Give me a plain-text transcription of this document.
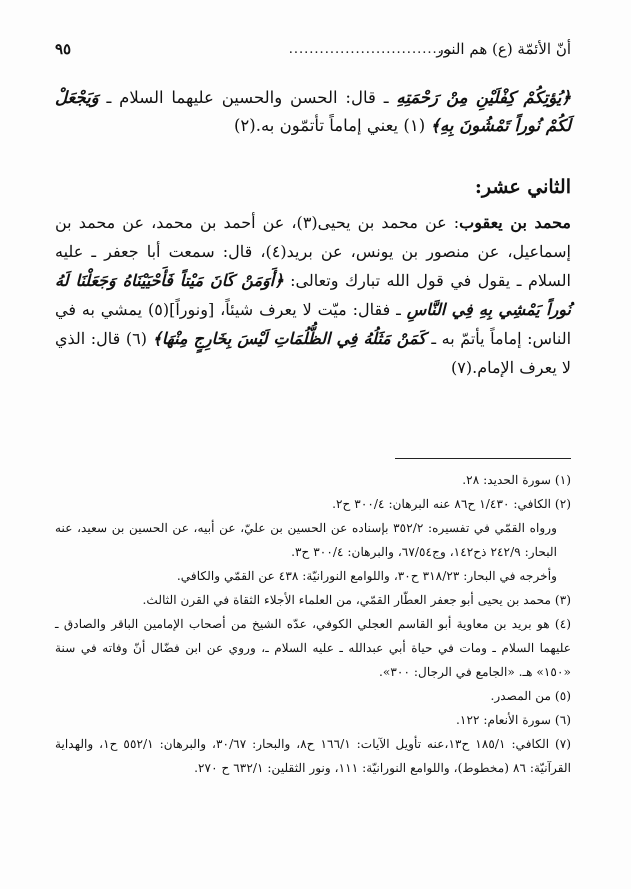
أنّ الأئمّة (ع) هم النور
................................
٩٥
﴿يُؤتِكُمْ كِفْلَيْنِ مِنْ رَحْمَتِهِ ـ قال: الحسن والحسين عليهما السلام ـ وَيَجْعَلْ لَكُمْ نُوراً تَمْشُونَ بِهِ﴾ (١) يعني إماماً تأتمّون به.(٢)
الثاني عشر:
محمد بن يعقوب: عن محمد بن يحيى(٣)، عن أحمد بن محمد، عن محمد بن إسماعيل، عن منصور بن يونس، عن بريد(٤)، قال: سمعت أبا جعفر ـ عليه السلام ـ يقول في قول الله تبارك وتعالى: ﴿أَوَمَنْ كَانَ مَيْتاً فَأَحْيَيْنَاهُ وَجَعَلْنَا لَهُ نُوراً يَمْشِي بِهِ فِي النَّاسِ ـ فقال: ميّت لا يعرف شيئاً، [ونوراً](٥) يمشي به في الناس: إماماً يأتمّ به ـ كَمَنْ مَثَلُهُ فِي الظُّلُمَاتِ لَيْسَ بِخَارِجٍ مِنْهَا﴾ (٦) قال: الذي لا يعرف الإمام.(٧)

(١) سورة الحديد: ٢٨.

(٢) الكافي: ١/٤٣٠ ح٨٦ عنه البرهان: ٣٠٠/٤ ح٢.

ورواه القمّي في تفسيره: ٣٥٢/٢ بإسناده عن الحسين بن عليّ، عن أبيه، عن الحسين بن سعيد، عنه البحار: ٢٤٢/٩ ذح١٤٢، وج٦٧/٥٤، والبرهان: ٣٠٠/٤ ح٣.

وأخرجه في البحار: ٣١٨/٢٣ ح٣٠، واللوامع النورانيّة: ٤٣٨ عن القمّي والكافي.

(٣) محمد بن يحيى أبو جعفر العطّار القمّي، من العلماء الأجلاء الثقاة في القرن الثالث.

(٤) هو بريد بن معاوية أبو القاسم العجلي الكوفي، عدّه الشيخ من أصحاب الإمامين الباقر والصادق ـ عليهما السلام ـ ومات في حياة أبي عبدالله ـ عليه السلام ـ، وروي عن ابن فضّال أنّ وفاته في سنة «١٥٠» هـ. «الجامع في الرجال: ٣٠٠».

(٥) من المصدر.

(٦) سورة الأنعام: ١٢٢.

(٧) الكافي: ١٨٥/١ ح١٣،عنه تأويل الآيات: ١٦٦/١ ح٨، والبحار: ٣٠/٦٧، والبرهان: ٥٥٢/١ ح١، والهداية القرآنيّة: ٨٦ (مخطوط)، واللوامع النورانيّة: ١١١، ونور الثقلين: ٦٣٢/١ ح ٢٧٠.
